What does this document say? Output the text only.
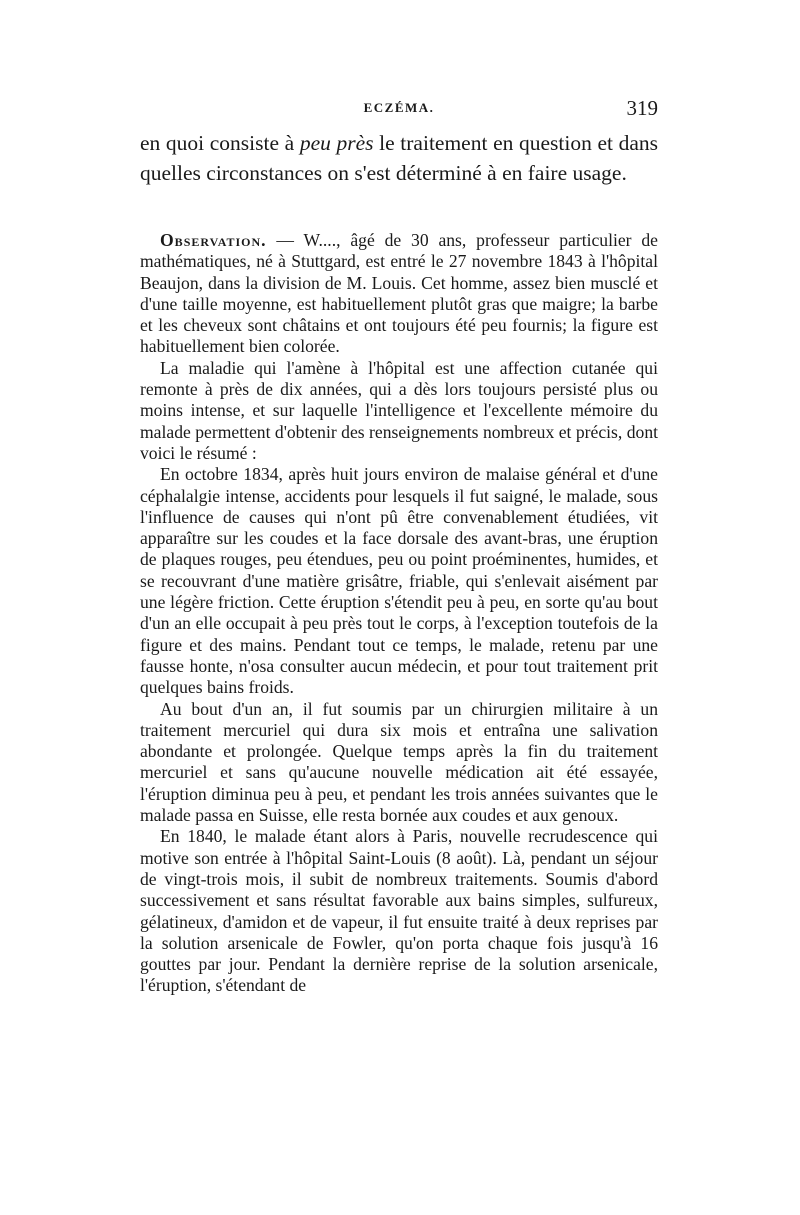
ECZÉMA.	319

en quoi consiste à peu près le traitement en question et dans quelles circonstances on s'est déterminé à en faire usage.

Observation. — W...., âgé de 30 ans, professeur particulier de mathématiques, né à Stuttgard, est entré le 27 novembre 1843 à l'hôpital Beaujon, dans la division de M. Louis. Cet homme, assez bien musclé et d'une taille moyenne, est habituellement plutôt gras que maigre; la barbe et les cheveux sont châtains et ont toujours été peu fournis; la figure est habituellement bien colorée.

La maladie qui l'amène à l'hôpital est une affection cutanée qui remonte à près de dix années, qui a dès lors toujours persisté plus ou moins intense, et sur laquelle l'intelligence et l'excellente mémoire du malade permettent d'obtenir des renseignements nombreux et précis, dont voici le résumé :

En octobre 1834, après huit jours environ de malaise général et d'une céphalalgie intense, accidents pour lesquels il fut saigné, le malade, sous l'influence de causes qui n'ont pû être convenablement étudiées, vit apparaître sur les coudes et la face dorsale des avant-bras, une éruption de plaques rouges, peu étendues, peu ou point proéminentes, humides, et se recouvrant d'une matière grisâtre, friable, qui s'enlevait aisément par une légère friction. Cette éruption s'étendit peu à peu, en sorte qu'au bout d'un an elle occupait à peu près tout le corps, à l'exception toutefois de la figure et des mains. Pendant tout ce temps, le malade, retenu par une fausse honte, n'osa consulter aucun médecin, et pour tout traitement prit quelques bains froids.

Au bout d'un an, il fut soumis par un chirurgien militaire à un traitement mercuriel qui dura six mois et entraîna une salivation abondante et prolongée. Quelque temps après la fin du traitement mercuriel et sans qu'aucune nouvelle médication ait été essayée, l'éruption diminua peu à peu, et pendant les trois années suivantes que le malade passa en Suisse, elle resta bornée aux coudes et aux genoux.

En 1840, le malade étant alors à Paris, nouvelle recrudescence qui motive son entrée à l'hôpital Saint-Louis (8 août). Là, pendant un séjour de vingt-trois mois, il subit de nombreux traitements. Soumis d'abord successivement et sans résultat favorable aux bains simples, sulfureux, gélatineux, d'amidon et de vapeur, il fut ensuite traité à deux reprises par la solution arsenicale de Fowler, qu'on porta chaque fois jusqu'à 16 gouttes par jour. Pendant la dernière reprise de la solution arsenicale, l'éruption, s'étendant de
